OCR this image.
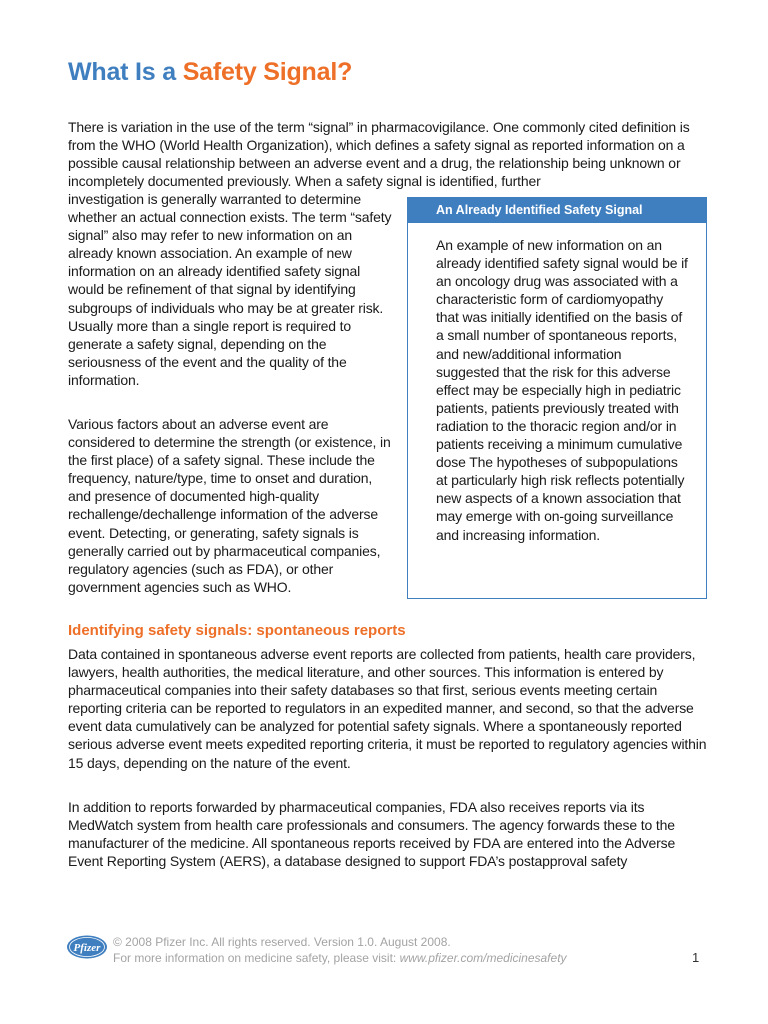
What Is a Safety Signal?

There is variation in the use of the term “signal” in pharmacovigilance. One commonly cited definition is from the WHO (World Health Organization), which defines a safety signal as reported information on a possible causal relationship between an adverse event and a drug, the relationship being unknown or incompletely documented previously. When a safety signal is identified, further

investigation is generally warranted to determine whether an actual connection exists. The term “safety signal” also may refer to new information on an already known association. An example of new information on an already identified safety signal would be refinement of that signal by identifying subgroups of individuals who may be at greater risk. Usually more than a single report is required to generate a safety signal, depending on the seriousness of the event and the quality of the information.

Various factors about an adverse event are considered to determine the strength (or existence, in the first place) of a safety signal. These include the frequency, nature/type, time to onset and duration, and presence of documented high-quality rechallenge/dechallenge information of the adverse event. Detecting, or generating, safety signals is generally carried out by pharmaceutical companies, regulatory agencies (such as FDA), or other government agencies such as WHO.

An Already Identified Safety Signal

An example of new information on an already identified safety signal would be if an oncology drug was associated with a characteristic form of cardiomyopathy that was initially identified on the basis of a small number of spontaneous reports, and new/additional information suggested that the risk for this adverse effect may be especially high in pediatric patients, patients previously treated with radiation to the thoracic region and/or in patients receiving a minimum cumulative dose The hypotheses of subpopulations at particularly high risk reflects potentially new aspects of a known association that may emerge with on-going surveillance and increasing information.

Identifying safety signals: spontaneous reports

Data contained in spontaneous adverse event reports are collected from patients, health care providers, lawyers, health authorities, the medical literature, and other sources. This information is entered by pharmaceutical companies into their safety databases so that first, serious events meeting certain reporting criteria can be reported to regulators in an expedited manner, and second, so that the adverse event data cumulatively can be analyzed for potential safety signals. Where a spontaneously reported serious adverse event meets expedited reporting criteria, it must be reported to regulatory agencies within 15 days, depending on the nature of the event.

In addition to reports forwarded by pharmaceutical companies, FDA also receives reports via its MedWatch system from health care professionals and consumers. The agency forwards these to the manufacturer of the medicine. All spontaneous reports received by FDA are entered into the Adverse Event Reporting System (AERS), a database designed to support FDA’s postapproval safety

Pfizer © 2008 Pfizer Inc. All rights reserved. Version 1.0. August 2008.
For more information on medicine safety, please visit: www.pfizer.com/medicinesafety	1
